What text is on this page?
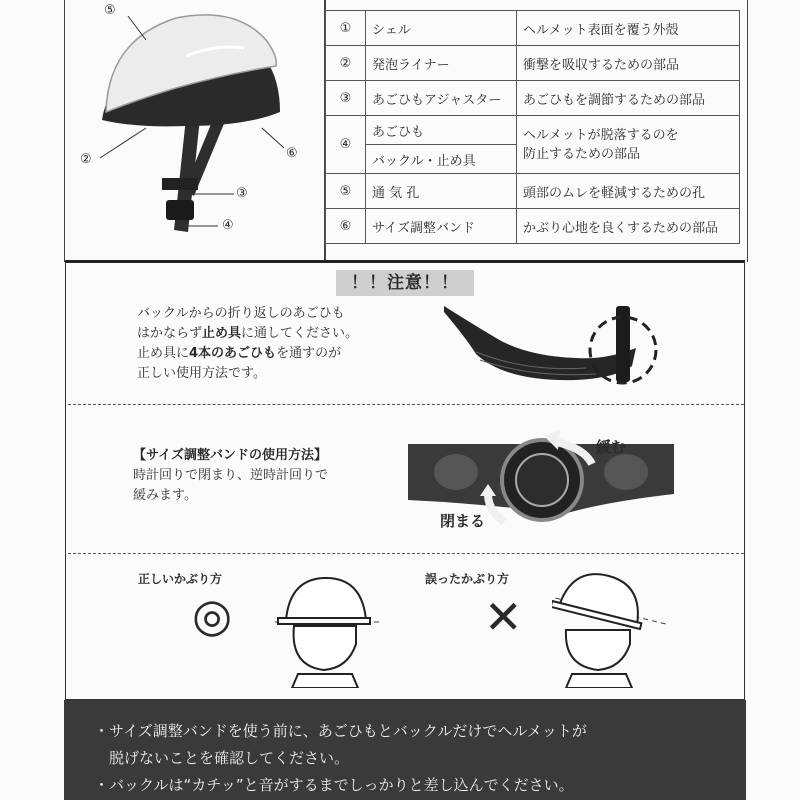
⑤
②	⑥
③
④
①	シェル	ヘルメット表面を覆う外殻
②	発泡ライナー	衝撃を吸収するための部品
③	あごひもアジャスター	あごひもを調節するための部品
④	あごひも	ヘルメットが脱落するのを
防止するための部品
	バックル・止め具	
⑤	通 気 孔	頭部のムレを軽減するための孔
⑥	サイズ調整バンド	かぶり心地を良くするための部品
！！注意！！
バックルからの折り返しのあごひも
はかならず止め具に通してください。
止め具に4本のあごひもを通すのが
正しい使用方法です。
【サイズ調整バンドの使用方法】
時計回りで閉まり、逆時計回りで
緩みます。
緩む
閉まる
正しいかぶり方	誤ったかぶり方
◎	✕

・サイズ調整バンドを使う前に、あごひもとバックルだけでヘルメットが

　脱げないことを確認してください。

・バックルは“カチッ”と音がするまでしっかりと差し込んでください。
